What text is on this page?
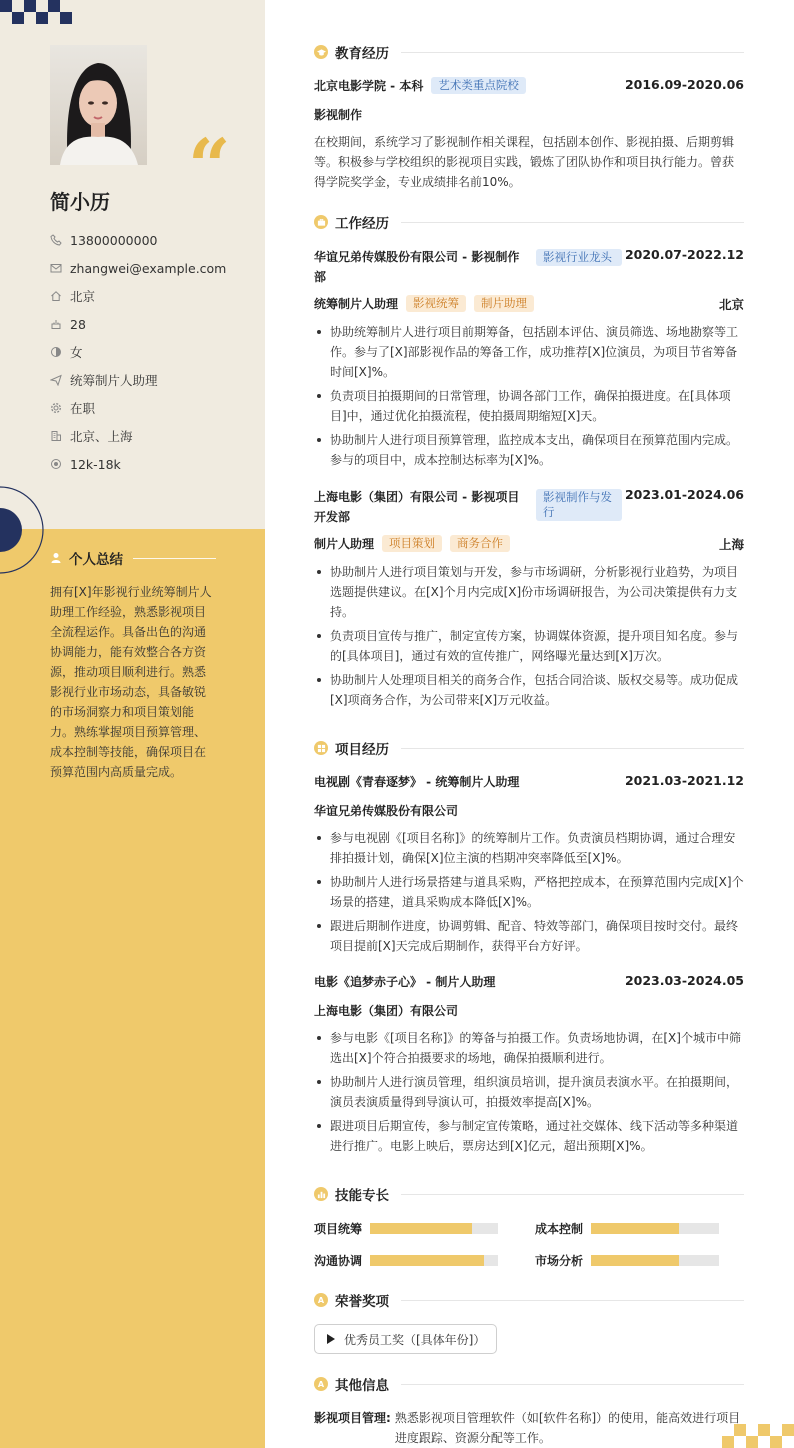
“
简小历
13800000000
zhangwei@example.com
北京
28
女
统筹制片人助理
在职
北京、上海
12k-18k
个人总结
拥有[X]年影视行业统筹制片人助理工作经验，熟悉影视项目全流程运作。具备出色的沟通协调能力，能有效整合各方资源，推动项目顺利进行。熟悉影视行业市场动态，具备敏锐的市场洞察力和项目策划能力。熟练掌握项目预算管理、成本控制等技能，确保项目在预算范围内高质量完成。
教育经历
北京电影学院 - 本科	艺术类重点院校	2016.09-2020.06
影视制作
在校期间，系统学习了影视制作相关课程，包括剧本创作、影视拍摄、后期剪辑等。积极参与学校组织的影视项目实践，锻炼了团队协作和项目执行能力。曾获得学院奖学金，专业成绩排名前10%。
工作经历
华谊兄弟传媒股份有限公司 - 影视制作部
影视行业龙头	2020.07-2022.12
统筹制片人助理	影视统筹	制片助理	北京
协助统筹制片人进行项目前期筹备，包括剧本评估、演员筛选、场地勘察等工作。参与了[X]部影视作品的筹备工作，成功推荐[X]位演员，为项目节省筹备时间[X]%。
负责项目拍摄期间的日常管理，协调各部门工作，确保拍摄进度。在[具体项目]中，通过优化拍摄流程，使拍摄周期缩短[X]天。
协助制片人进行项目预算管理，监控成本支出，确保项目在预算范围内完成。参与的项目中，成本控制达标率为[X]%。
上海电影（集团）有限公司 - 影视项目开发部
影视制作与发行
2023.01-2024.06
制片人助理	项目策划	商务合作	上海
协助制片人进行项目策划与开发，参与市场调研，分析影视行业趋势，为项目选题提供建议。在[X]个月内完成[X]份市场调研报告，为公司决策提供有力支持。
负责项目宣传与推广，制定宣传方案，协调媒体资源，提升项目知名度。参与的[具体项目]，通过有效的宣传推广，网络曝光量达到[X]万次。
协助制片人处理项目相关的商务合作，包括合同洽谈、版权交易等。成功促成[X]项商务合作，为公司带来[X]万元收益。
项目经历
电视剧《青春逐梦》 - 统筹制片人助理	2021.03-2021.12
华谊兄弟传媒股份有限公司
参与电视剧《[项目名称]》的统筹制片工作。负责演员档期协调，通过合理安排拍摄计划，确保[X]位主演的档期冲突率降低至[X]%。
协助制片人进行场景搭建与道具采购，严格把控成本，在预算范围内完成[X]个场景的搭建，道具采购成本降低[X]%。
跟进后期制作进度，协调剪辑、配音、特效等部门，确保项目按时交付。最终项目提前[X]天完成后期制作，获得平台方好评。
电影《追梦赤子心》 - 制片人助理	2023.03-2024.05
上海电影（集团）有限公司
参与电影《[项目名称]》的筹备与拍摄工作。负责场地协调，在[X]个城市中筛选出[X]个符合拍摄要求的场地，确保拍摄顺利进行。
协助制片人进行演员管理，组织演员培训，提升演员表演水平。在拍摄期间，演员表演质量得到导演认可，拍摄效率提高[X]%。
跟进项目后期宣传，参与制定宣传策略，通过社交媒体、线下活动等多种渠道进行推广。电影上映后，票房达到[X]亿元，超出预期[X]%。
技能专长
项目统筹	成本控制
沟通协调	市场分析
A 荣誉奖项
优秀员工奖（[具体年份]）
A 其他信息
影视项目管理: 熟悉影视项目管理软件（如[软件名称]）的使用，能高效进行项目进度跟踪、资源分配等工作。
